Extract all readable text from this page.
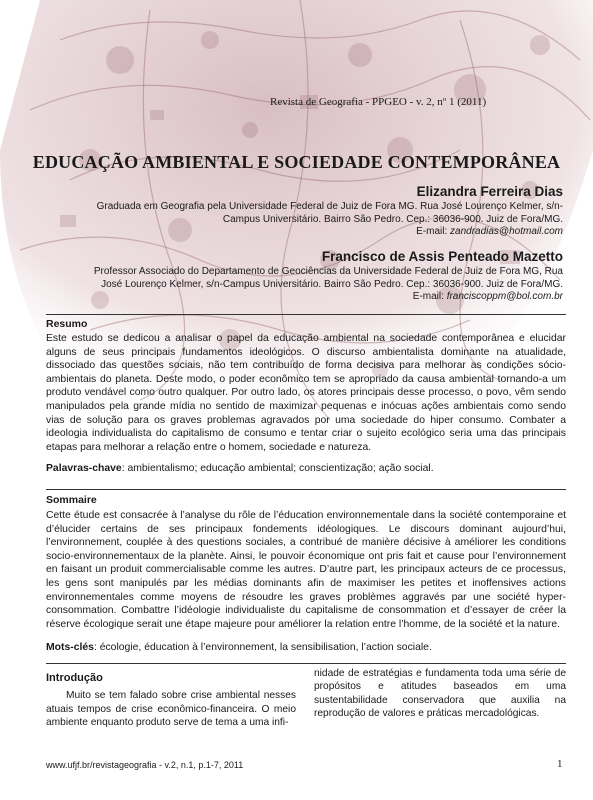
Revista de Geografia - PPGEO - v. 2, nº 1 (2011)
EDUCAÇÃO AMBIENTAL E SOCIEDADE CONTEMPORÂNEA
Elizandra Ferreira Dias
Graduada em Geografia pela Universidade Federal de Juiz de Fora MG. Rua José Lourenço Kelmer, s/n-
Campus Universitário. Bairro São Pedro. Cep.: 36036-900. Juiz de Fora/MG.
E-mail: zandradias@hotmail.com
Francisco de Assis Penteado Mazetto
Professor Associado do Departamento de Geociências da Universidade Federal de Juiz de Fora MG, Rua
José Lourenço Kelmer, s/n-Campus Universitário. Bairro São Pedro. Cep.: 36036-900. Juiz de Fora/MG.
E-mail: franciscoppm@bol.com.br
Resumo
Este estudo se dedicou a analisar o papel da educação ambiental na sociedade contemporânea e elucidar alguns de seus principais fundamentos ideológicos. O discurso ambientalista dominante na atualidade, dissociado das questões sociais, não tem contribuído de forma decisiva para melhorar as condições sócio-ambientais do planeta. Deste modo, o poder econômico tem se apropriado da causa ambiental tornando-a um produto vendável como outro qualquer. Por outro lado, os atores principais desse processo, o povo, vêm sendo manipulados pela grande mídia no sentido de maximizar pequenas e inócuas ações ambientais como sendo vias de solução para os graves problemas agravados por uma sociedade do hiper consumo. Combater a ideologia individualista do capitalismo de consumo e tentar criar o sujeito ecológico seria uma das principais etapas para melhorar a relação entre o homem, sociedade e natureza.
Palavras-chave: ambientalismo; educação ambiental; conscientização; ação social.
Sommaire
Cette étude est consacrée à l’analyse du rôle de l’éducation environnementale dans la société contemporaine et d’élucider certains de ses principaux fondements idéologiques. Le discours dominant aujourd’hui, l’environnement, couplée à des questions sociales, a contribué de manière décisive à améliorer les conditions socio-environnementaux de la planète. Ainsi, le pouvoir économique ont pris fait et cause pour l’environnement en faisant un produit commercialisable comme les autres. D’autre part, les principaux acteurs de ce processus, les gens sont manipulés par les médias dominants afin de maximiser les petites et inoffensives actions environnementales comme moyens de résoudre les graves problèmes aggravés par une société hyper-consommation. Combattre l’idéologie individualiste du capitalisme de consommation et d’essayer de créer la réserve écologique serait une étape majeure pour améliorer la relation entre l’homme, de la société et la nature.
Mots-clés: écologie, éducation à l’environnement, la sensibilisation, l’action sociale.
Introdução
Muito se tem falado sobre crise ambiental nesses atuais tempos de crise econômico-financeira. O meio ambiente enquanto produto serve de tema a uma infi-
nidade de estratégias e fundamenta toda uma série de propósitos e atitudes baseados em uma sustentabilidade conservadora que auxilia na reprodução de valores e práticas mercadológicas.
www.ufjf.br/revistageografia - v.2, n.1, p.1-7, 2011	1
